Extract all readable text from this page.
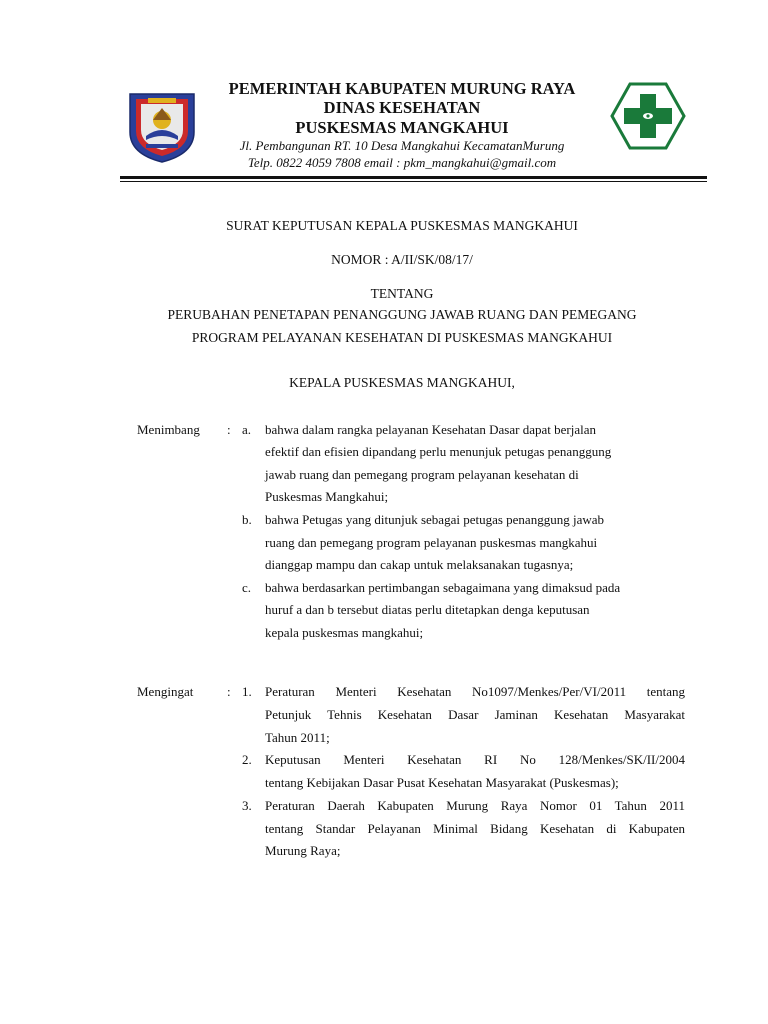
PEMERINTAH KABUPATEN MURUNG RAYA
DINAS KESEHATAN
PUSKESMAS MANGKAHUI
Jl. Pembangunan RT. 10 Desa Mangkahui KecamatanMurung
Telp. 0822 4059 7808 email : pkm_mangkahui@gmail.com
SURAT KEPUTUSAN KEPALA PUSKESMAS MANGKAHUI
NOMOR : A/II/SK/08/17/
TENTANG
PERUBAHAN PENETAPAN PENANGGUNG JAWAB RUANG DAN PEMEGANG
PROGRAM PELAYANAN KESEHATAN DI PUSKESMAS MANGKAHUI
KEPALA PUSKESMAS MANGKAHUI,
Menimbang : a. bahwa dalam rangka pelayanan Kesehatan Dasar dapat berjalan
efektif dan efisien dipandang perlu menunjuk petugas penanggung
jawab ruang dan pemegang program pelayanan kesehatan di
Puskesmas Mangkahui;
b. bahwa Petugas yang ditunjuk sebagai petugas penanggung jawab
ruang dan pemegang program pelayanan puskesmas mangkahui
dianggap mampu dan cakap untuk melaksanakan tugasnya;
c. bahwa berdasarkan pertimbangan sebagaimana yang dimaksud pada
huruf a dan b tersebut diatas perlu ditetapkan denga keputusan
kepala puskesmas mangkahui;
Mengingat	: 1. Peraturan Menteri Kesehatan No1097/Menkes/Per/VI/2011 tentang
Petunjuk Tehnis Kesehatan Dasar Jaminan Kesehatan Masyarakat
Tahun 2011;
2. Keputusan Menteri Kesehatan RI No 128/Menkes/SK/II/2004
tentang Kebijakan Dasar Pusat Kesehatan Masyarakat (Puskesmas);
3. Peraturan Daerah Kabupaten Murung Raya Nomor 01 Tahun 2011
tentang Standar Pelayanan Minimal Bidang Kesehatan di Kabupaten
Murung Raya;
